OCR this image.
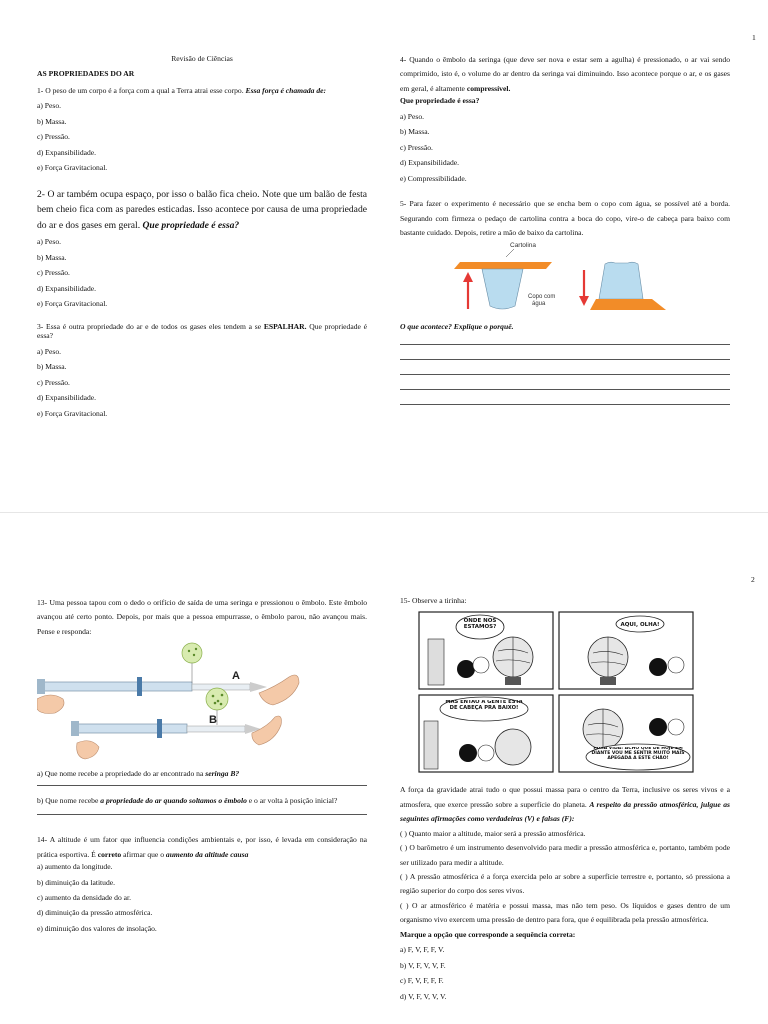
1
Revisão de Ciências
AS PROPRIEDADES DO AR
1- O peso de um corpo é a força com a qual a Terra atrai esse corpo. Essa força é chamada de:
a) Peso.
b) Massa.
c) Pressão.
d) Expansibilidade.
e) Força Gravitacional.
2- O ar também ocupa espaço, por isso o balão fica cheio. Note que um balão de festa bem cheio fica com as paredes esticadas. Isso acontece por causa de uma propriedade do ar e dos gases em geral. Que propriedade é essa?
a) Peso.
b) Massa.
c) Pressão.
d) Expansibilidade.
e) Força Gravitacional.
3- Essa é outra propriedade do ar e de todos os gases eles tendem a se ESPALHAR. Que propriedade é essa?
a) Peso.
b) Massa.
c) Pressão.
d) Expansibilidade.
e) Força Gravitacional.
4- Quando o êmbolo da seringa (que deve ser nova e estar sem a agulha) é pressionado, o ar vai sendo comprimido, isto é, o volume do ar dentro da seringa vai diminuindo. Isso acontece porque o ar, e os gases em geral, é altamente compressível.
Que propriedade é essa?
a) Peso.
b) Massa.
c) Pressão.
d) Expansibilidade.
e) Compressibilidade.
5- Para fazer o experimento é necessário que se encha bem o copo com água, se possível até a borda. Segurando com firmeza o pedaço de cartolina contra a boca do copo, vire-o de cabeça para baixo com bastante cuidado. Depois, retire a mão de baixo da cartolina.
Cartolina
Copo com
água
O que acontece? Explique o porquê.
2
13- Uma pessoa tapou com o dedo o orifício de saída de uma seringa e pressionou o êmbolo. Este êmbolo avançou até certo ponto. Depois, por mais que a pessoa empurrasse, o êmbolo parou, não avançou mais. Pense e responda:
A
B
a) Que nome recebe a propriedade do ar encontrado na seringa B?
b) Que nome recebe a propriedade do ar quando soltamos o êmbolo e o ar volta à posição inicial?
14- A altitude é um fator que influencia condições ambientais e, por isso, é levada em consideração na prática esportiva. É correto afirmar que o aumento da altitude causa
a) aumento da longitude.
b) diminuição da latitude.
c) aumento da densidade do ar.
d) diminuição da pressão atmosférica.
e) diminuição dos valores de insolação.
15- Observe a tirinha:
ONDE NÓS ESTAMOS?	AQUI, OLHA!
MAS ENTÃO A GENTE ESTÁ DE CABEÇA PRA BAIXO!
PUXA VIDA! ACHO QUE DE HOJE EM DIANTE VOU ME SENTIR MUITO MAIS APEGADA A ESTE CHÃO!
A força da gravidade atrai tudo o que possui massa para o centro da Terra, inclusive os seres vivos e a atmosfera, que exerce pressão sobre a superfície do planeta. A respeito da pressão atmosférica, julgue as seguintes afirmações como verdadeiras (V) e falsas (F):
( ) Quanto maior a altitude, maior será a pressão atmosférica.
( ) O barômetro é um instrumento desenvolvido para medir a pressão atmosférica e, portanto, também pode ser utilizado para medir a altitude.
( ) A pressão atmosférica é a força exercida pelo ar sobre a superfície terrestre e, portanto, só pressiona a região superior do corpo dos seres vivos.
( ) O ar atmosférico é matéria e possui massa, mas não tem peso. Os líquidos e gases dentro de um organismo vivo exercem uma pressão de dentro para fora, que é equilibrada pela pressão atmosférica.
Marque a opção que corresponde a sequência correta:
a) F, V, F, F, V.
b) V, F, V, V, F.
c) F, V, F, F, F.
d) V, F, V, V, V.
